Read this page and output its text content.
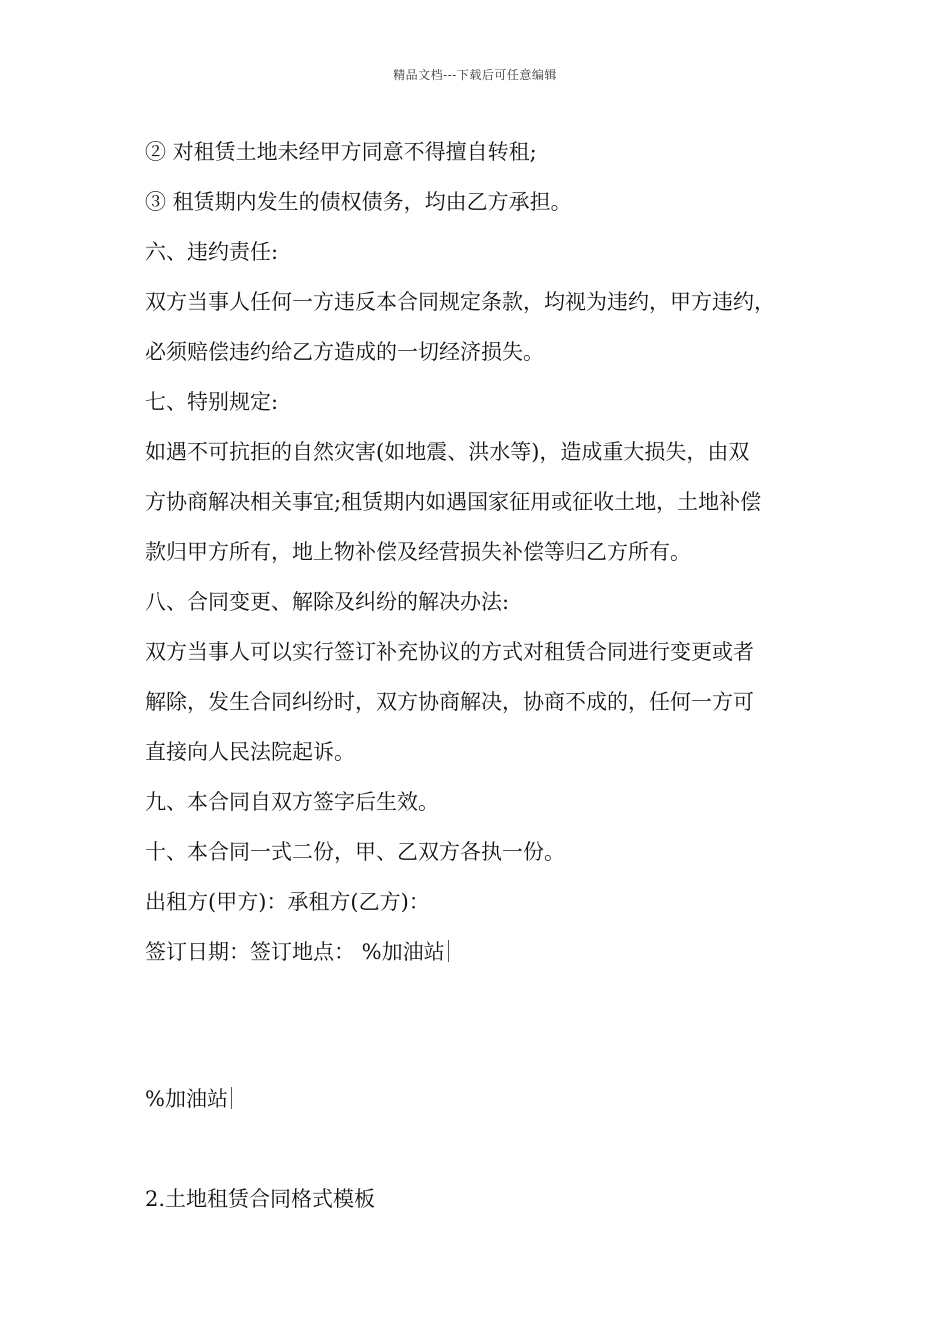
精品文档---下载后可任意编辑
② 对租赁土地未经甲方同意不得擅自转租;
③ 租赁期内发生的债权债务，均由乙方承担。
六、违约责任:
双方当事人任何一方违反本合同规定条款，均视为违约，甲方违约，
必须赔偿违约给乙方造成的一切经济损失。
七、特别规定:
如遇不可抗拒的自然灾害(如地震、洪水等)，造成重大损失，由双
方协商解决相关事宜;租赁期内如遇国家征用或征收土地，土地补偿
款归甲方所有，地上物补偿及经营损失补偿等归乙方所有。
八、合同变更、解除及纠纷的解决办法:
双方当事人可以实行签订补充协议的方式对租赁合同进行变更或者
解除，发生合同纠纷时，双方协商解决，协商不成的，任何一方可
直接向人民法院起诉。
九、本合同自双方签字后生效。
十、本合同一式二份，甲、乙双方各执一份。
出租方(甲方)：承租方(乙方)：
签订日期：签订地点： %加油站
%加油站
2.土地租赁合同格式模板
